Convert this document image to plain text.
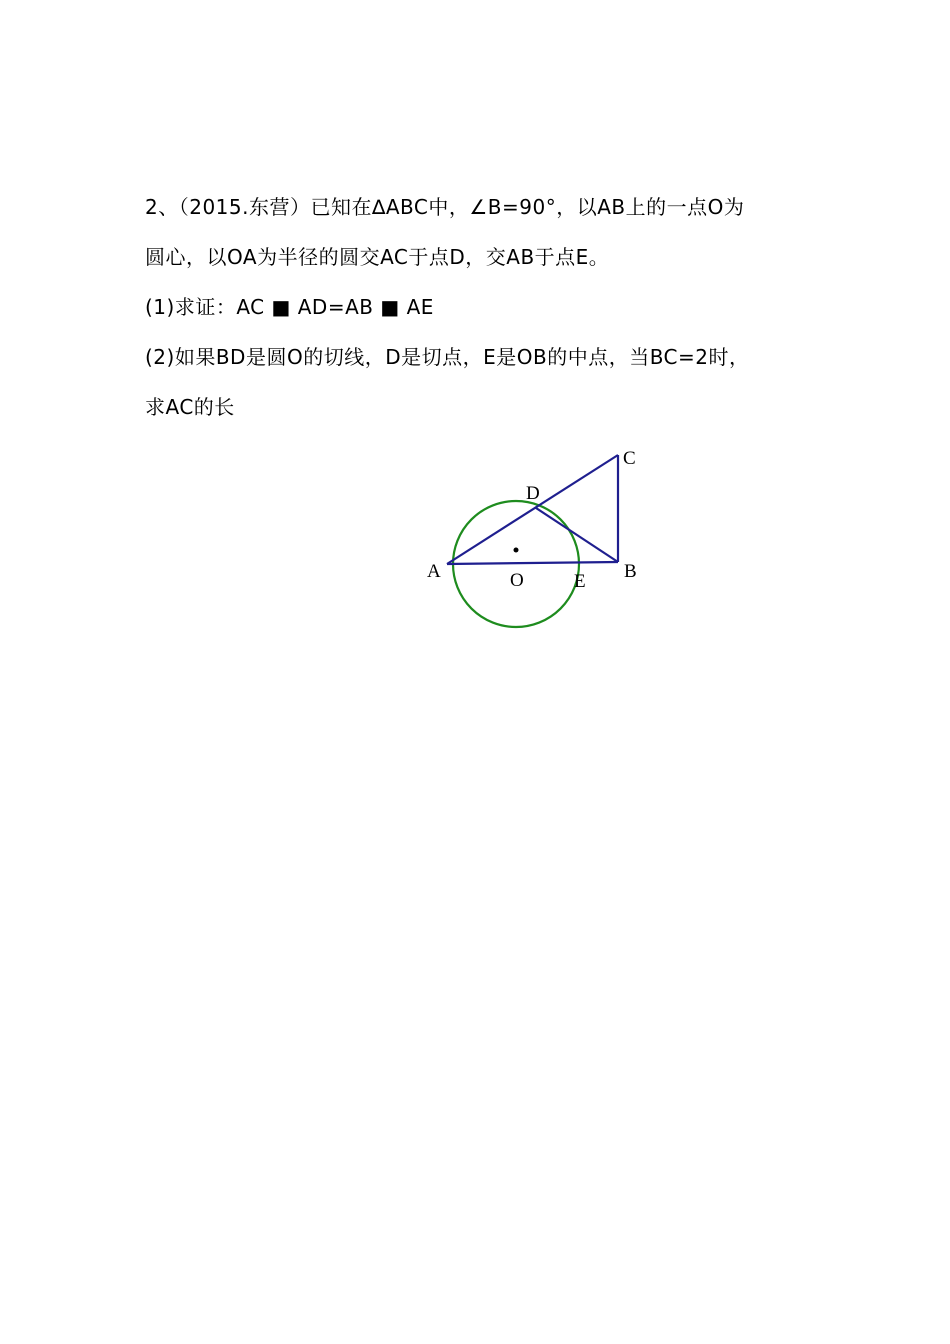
2、（2015.东营）已知在∆ABC中，∠B=90°，以AB上的一点O为
圆心，以OA为半径的圆交AC于点D，交AB于点E。
(1)求证：AC ■ AD=AB ■ AE
(2)如果BD是圆O的切线，D是切点，E是OB的中点，当BC=2时，
求AC的长
A	B
C
D
E
O
